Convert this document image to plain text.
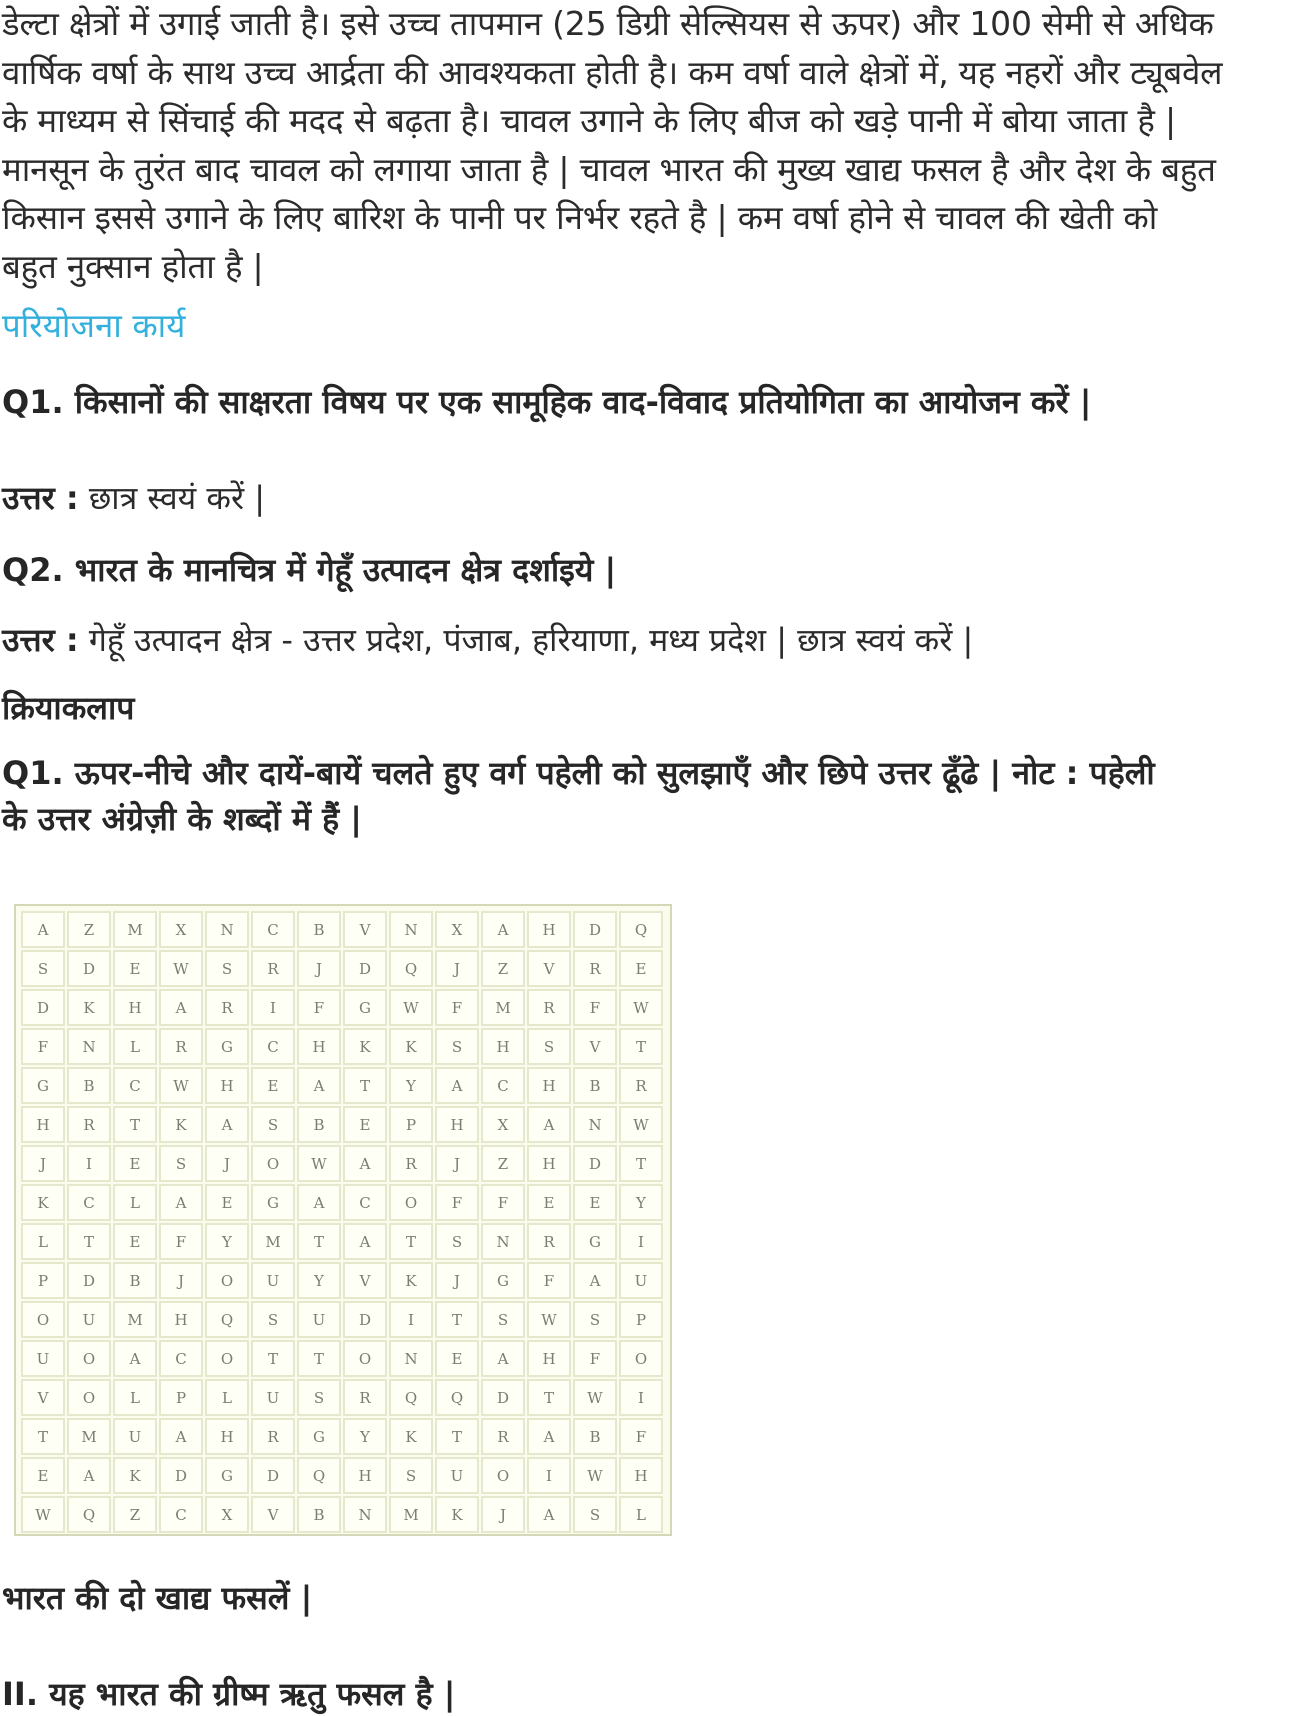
डेल्टा क्षेत्रों में उगाई जाती है। इसे उच्च तापमान (25 डिग्री सेल्सियस से ऊपर) और 100 सेमी से अधिक
वार्षिक वर्षा के साथ उच्च आर्द्रता की आवश्यकता होती है। कम वर्षा वाले क्षेत्रों में, यह नहरों और ट्यूबवेल
के माध्यम से सिंचाई की मदद से बढ़ता है। चावल उगाने के लिए बीज को खड़े पानी में बोया जाता है |
मानसून के तुरंत बाद चावल को लगाया जाता है | चावल भारत की मुख्य खाद्य फसल है और देश के बहुत
किसान इससे उगाने के लिए बारिश के पानी पर निर्भर रहते है | कम वर्षा होने से चावल की खेती को
बहुत नुक्सान होता है |

परियोजना कार्य

Q1. किसानों की साक्षरता विषय पर एक सामूहिक वाद-विवाद प्रतियोगिता का आयोजन करें |

उत्तर : छात्र स्वयं करें |

Q2. भारत के मानचित्र में गेहूँ उत्पादन क्षेत्र दर्शाइये |

उत्तर : गेहूँ उत्पादन क्षेत्र - उत्तर प्रदेश, पंजाब, हरियाणा, मध्य प्रदेश | छात्र स्वयं करें |

क्रियाकलाप

Q1. ऊपर-नीचे और दायें-बायें चलते हुए वर्ग पहेली को सुलझाएँ और छिपे उत्तर ढूँढे | नोट : पहेली
के उत्तर अंग्रेज़ी के शब्दों में हैं |

A	Z	M	X	N	C	B	V	N	X	A	H	D	Q
S	D	E	W	S	R	J	D	Q	J	Z	V	R	E
D	K	H	A	R	I	F	G	W	F	M	R	F	W
F	N	L	R	G	C	H	K	K	S	H	S	V	T
G	B	C	W	H	E	A	T	Y	A	C	H	B	R
H	R	T	K	A	S	B	E	P	H	X	A	N	W
J	I	E	S	J	O	W	A	R	J	Z	H	D	T
K	C	L	A	E	G	A	C	O	F	F	E	E	Y
L	T	E	F	Y	M	T	A	T	S	N	R	G	I
P	D	B	J	O	U	Y	V	K	J	G	F	A	U
O	U	M	H	Q	S	U	D	I	T	S	W	S	P
U	O	A	C	O	T	T	O	N	E	A	H	F	O
V	O	L	P	L	U	S	R	Q	Q	D	T	W	I
T	M	U	A	H	R	G	Y	K	T	R	A	B	F
E	A	K	D	G	D	Q	H	S	U	O	I	W	H
W	Q	Z	C	X	V	B	N	M	K	J	A	S	L

भारत की दो खाद्य फसलें |

II. यह भारत की ग्रीष्म ऋतु फसल है |
